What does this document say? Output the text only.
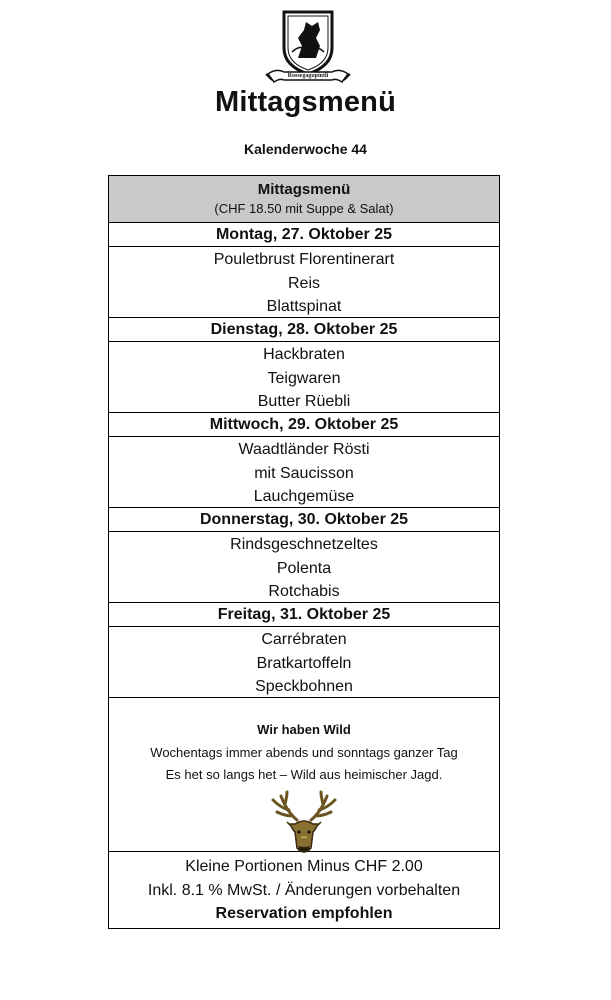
Rossegagupintli
Mittagsmenü
Kalenderwoche 44
Mittagsmenü
(CHF 18.50 mit Suppe & Salat)
Montag, 27. Oktober 25
Pouletbrust Florentinerart
Reis
Blattspinat
Dienstag, 28. Oktober 25
Hackbraten
Teigwaren
Butter Rüebli
Mittwoch, 29. Oktober 25
Waadtländer Rösti
mit Saucisson
Lauchgemüse
Donnerstag, 30. Oktober 25
Rindsgeschnetzeltes
Polenta
Rotchabis
Freitag, 31. Oktober 25
Carrébraten
Bratkartoffeln
Speckbohnen
Wir haben Wild
Wochentags immer abends und sonntags ganzer Tag
Es het so langs het – Wild aus heimischer Jagd.
Kleine Portionen Minus CHF 2.00
Inkl. 8.1 % MwSt. / Änderungen vorbehalten
Reservation empfohlen
